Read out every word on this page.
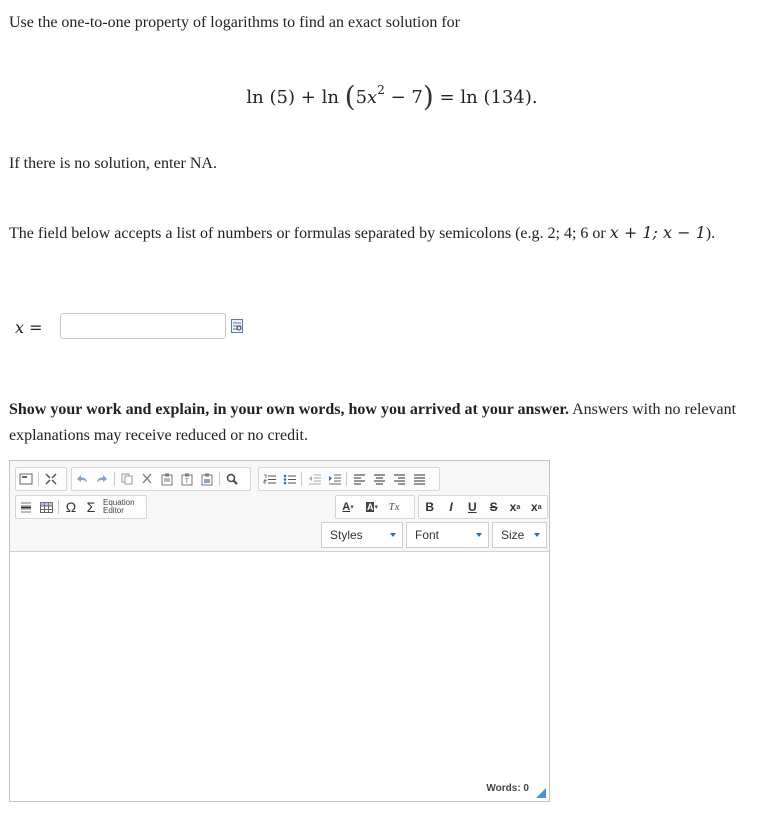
Use the one-to-one property of logarithms to find an exact solution for
$\ln (5) + \ln (5x^2 - 7) = \ln (134)$.
If there is no solution, enter NA.
The field below accepts a list of numbers or formulas separated by semicolons (e.g. 2; 4; 6 or x + 1; x − 1).
x =
Show your work and explain, in your own words, how you arrived at your answer. Answers with no relevant explanations may receive reduced or no credit.
T
Ω Σ Equation
Editor	A ▾ A ▾ Tx	B	I	U	S	x a x a
Styles	Font	Size
Words: 0
